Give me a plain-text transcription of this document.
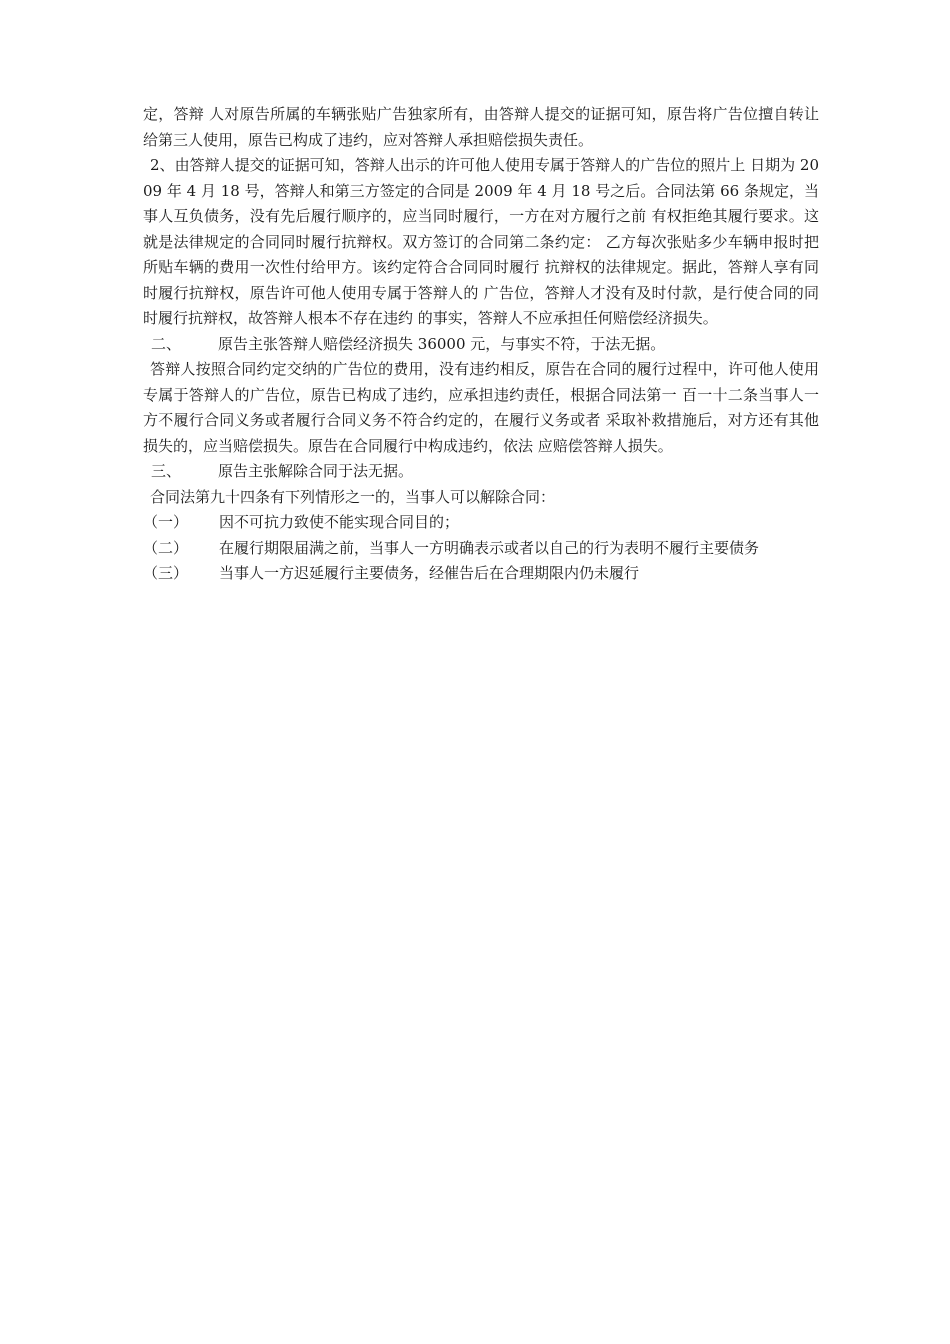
定，答辩 人对原告所属的车辆张贴广告独家所有，由答辩人提交的证据可知，原告将广告位擅自转让 给第三人使用，原告已构成了违约，应对答辩人承担赔偿损失责任。

2、由答辩人提交的证据可知，答辩人出示的许可他人使用专属于答辩人的广告位的照片上 日期为 2009 年 4 月 18 号，答辩人和第三方签定的合同是 2009 年 4 月 18 号之后。合同法第 66 条规定，当事人互负债务，没有先后履行顺序的，应当同时履行，一方在对方履行之前 有权拒绝其履行要求。这就是法律规定的合同同时履行抗辩权。双方签订的合同第二条约定： 乙方每次张贴多少车辆申报时把所贴车辆的费用一次性付给甲方。该约定符合合同同时履行 抗辩权的法律规定。据此，答辩人享有同时履行抗辩权，原告许可他人使用专属于答辩人的 广告位，答辩人才没有及时付款，是行使合同的同时履行抗辩权，故答辩人根本不存在违约 的事实，答辩人不应承担任何赔偿经济损失。

二、	原告主张答辩人赔偿经济损失 36000 元，与事实不符，于法无据。

答辩人按照合同约定交纳的广告位的费用，没有违约相反，原告在合同的履行过程中，许可他人使用专属于答辩人的广告位，原告已构成了违约，应承担违约责任，根据合同法第一 百一十二条当事人一方不履行合同义务或者履行合同义务不符合约定的，在履行义务或者 采取补救措施后，对方还有其他损失的，应当赔偿损失。原告在合同履行中构成违约，依法 应赔偿答辩人损失。

三、	原告主张解除合同于法无据。

合同法第九十四条有下列情形之一的，当事人可以解除合同：

（一） 因不可抗力致使不能实现合同目的；
（二） 在履行期限届满之前，当事人一方明确表示或者以自己的行为表明不履行主要债务
（三） 当事人一方迟延履行主要债务，经催告后在合理期限内仍未履行
